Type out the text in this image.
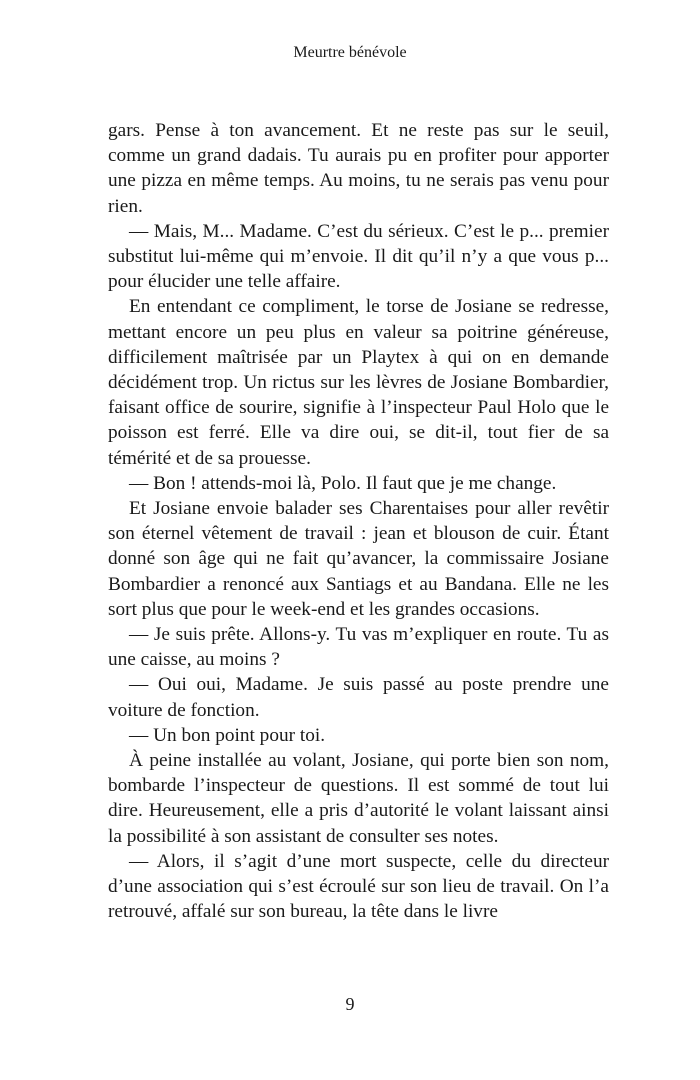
Meurtre bénévole

gars. Pense à ton avancement. Et ne reste pas sur le seuil, comme un grand dadais. Tu aurais pu en profiter pour apporter une pizza en même temps. Au moins, tu ne serais pas venu pour rien.

— Mais, M... Madame. C’est du sérieux. C’est le p... premier substitut lui-même qui m’envoie. Il dit qu’il n’y a que vous p... pour élucider une telle affaire.

En entendant ce compliment, le torse de Josiane se redresse, mettant encore un peu plus en valeur sa poitrine généreuse, difficilement maîtrisée par un Playtex à qui on en demande décidément trop. Un rictus sur les lèvres de Josiane Bombardier, faisant office de sourire, signifie à l’inspecteur Paul Holo que le poisson est ferré. Elle va dire oui, se dit-il, tout fier de sa témérité et de sa prouesse.

— Bon ! attends-moi là, Polo. Il faut que je me change.

Et Josiane envoie balader ses Charentaises pour aller revêtir son éternel vêtement de travail : jean et blouson de cuir. Étant donné son âge qui ne fait qu’avancer, la commissaire Josiane Bombardier a renoncé aux Santiags et au Bandana. Elle ne les sort plus que pour le week-end et les grandes occasions.

— Je suis prête. Allons-y. Tu vas m’expliquer en route. Tu as une caisse, au moins ?

— Oui oui, Madame. Je suis passé au poste prendre une voiture de fonction.

— Un bon point pour toi.

À peine installée au volant, Josiane, qui porte bien son nom, bombarde l’inspecteur de questions. Il est sommé de tout lui dire. Heureusement, elle a pris d’autorité le volant laissant ainsi la possibilité à son assistant de consulter ses notes.

— Alors, il s’agit d’une mort suspecte, celle du directeur d’une association qui s’est écroulé sur son lieu de travail. On l’a retrouvé, affalé sur son bureau, la tête dans le livre

9
